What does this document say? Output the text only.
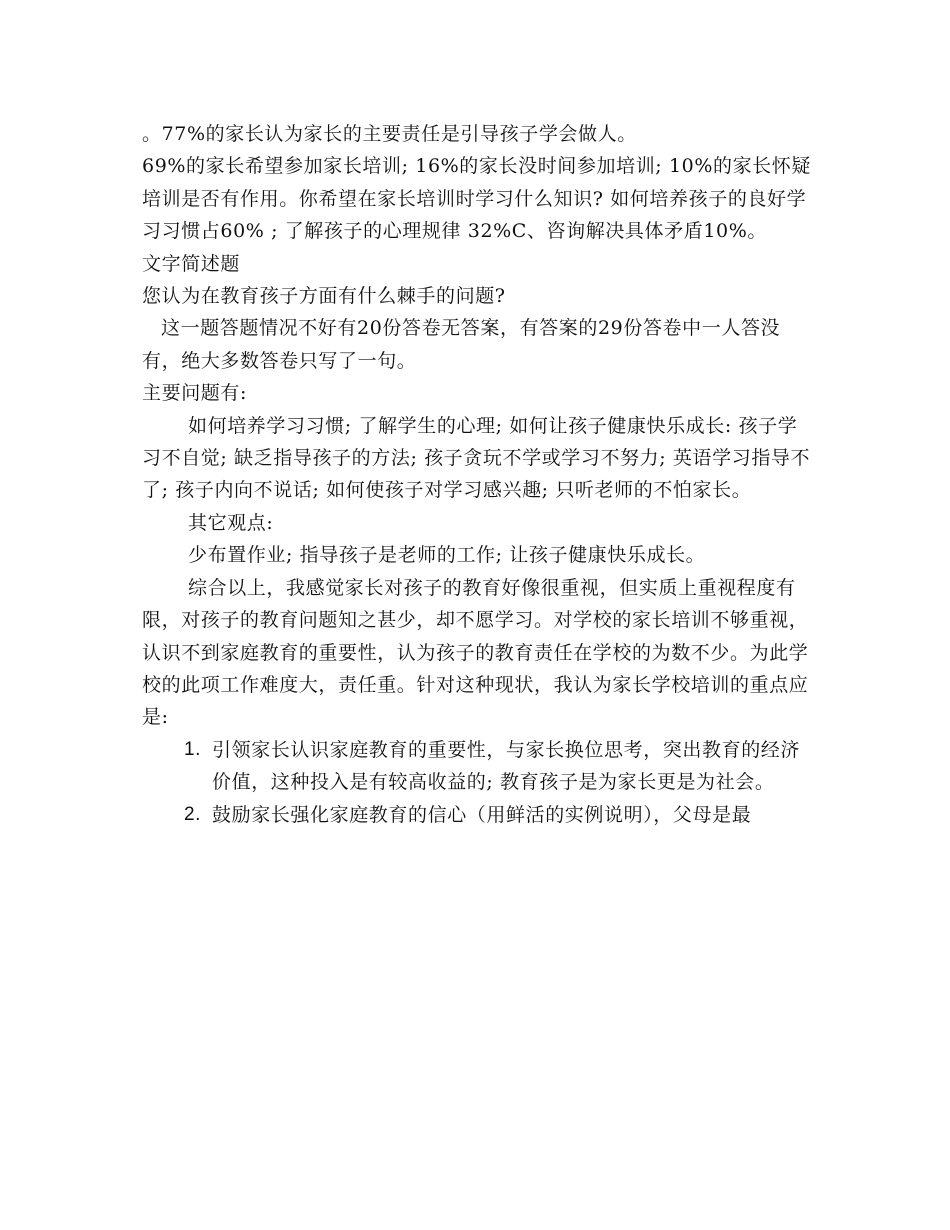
。77%的家长认为家长的主要责任是引导孩子学会做人。

69%的家长希望参加家长培训; 16%的家长没时间参加培训; 10%的家长怀疑培训是否有作用。你希望在家长培训时学习什么知识? 如何培养孩子的良好学习习惯占60% ; 了解孩子的心理规律 32%C、咨询解决具体矛盾10%。

文字简述题

您认为在教育孩子方面有什么棘手的问题?

这一题答题情况不好有20份答卷无答案，有答案的29份答卷中一人答没有，绝大多数答卷只写了一句。

主要问题有:

如何培养学习习惯; 了解学生的心理; 如何让孩子健康快乐成长: 孩子学习不自觉; 缺乏指导孩子的方法; 孩子贪玩不学或学习不努力; 英语学习指导不了; 孩子内向不说话; 如何使孩子对学习感兴趣; 只听老师的不怕家长。

其它观点:

少布置作业; 指导孩子是老师的工作; 让孩子健康快乐成长。

综合以上，我感觉家长对孩子的教育好像很重视，但实质上重视程度有限，对孩子的教育问题知之甚少，却不愿学习。对学校的家长培训不够重视，认识不到家庭教育的重要性，认为孩子的教育责任在学校的为数不少。为此学校的此项工作难度大，责任重。针对这种现状，我认为家长学校培训的重点应是:

1. 引领家长认识家庭教育的重要性，与家长换位思考，突出教育的经济价值，这种投入是有较高收益的; 教育孩子是为家长更是为社会。
2. 鼓励家长强化家庭教育的信心（用鲜活的实例说明），父母是最
